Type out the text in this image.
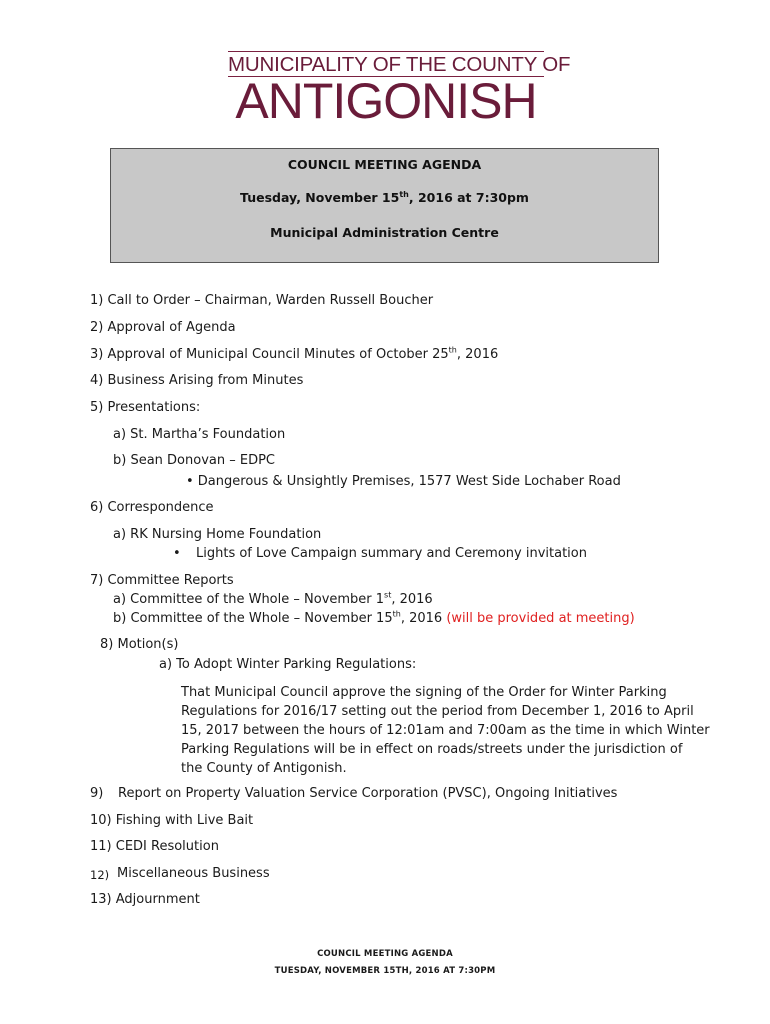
MUNICIPALITY OF THE COUNTY OF
ANTIGONISH
COUNCIL MEETING AGENDA
Tuesday, November 15th, 2016 at 7:30pm
Municipal Administration Centre
1) Call to Order – Chairman, Warden Russell Boucher
2) Approval of Agenda
3) Approval of Municipal Council Minutes of October 25th, 2016
4) Business Arising from Minutes
5) Presentations:
a) St. Martha’s Foundation
b) Sean Donovan – EDPC
• Dangerous & Unsightly Premises, 1577 West Side Lochaber Road
6) Correspondence
a) RK Nursing Home Foundation
• Lights of Love Campaign summary and Ceremony invitation
7) Committee Reports
a) Committee of the Whole – November 1st, 2016
b) Committee of the Whole – November 15th, 2016 (will be provided at meeting)
8) Motion(s)
a) To Adopt Winter Parking Regulations:
That Municipal Council approve the signing of the Order for Winter Parking
Regulations for 2016/17 setting out the period from December 1, 2016 to April
15, 2017 between the hours of 12:01am and 7:00am as the time in which Winter
Parking Regulations will be in effect on roads/streets under the jurisdiction of
the County of Antigonish.
9) Report on Property Valuation Service Corporation (PVSC), Ongoing Initiatives
10) Fishing with Live Bait
11) CEDI Resolution
12) Miscellaneous Business
13) Adjournment
COUNCIL MEETING AGENDA
TUESDAY, NOVEMBER 15TH, 2016 AT 7:30PM
